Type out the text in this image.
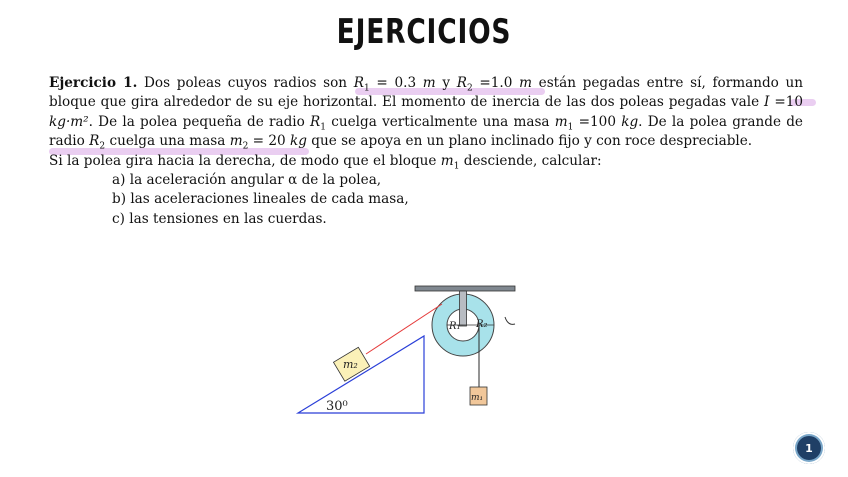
EJERCICIOS

Ejercicio 1. Dos poleas cuyos radios son $R_1 = 0.3$ m y $R_2 =1.0$ m están pegadas entre sí, formando un bloque que gira alrededor de su eje horizontal. El momento de inercia de las dos poleas pegadas vale I =10 kg·m². De la polea pequeña de radio $R_1$ cuelga verticalmente una masa $m_1 =100$ kg. De la polea grande de radio $R_2$ cuelga una masa $m_2 = 20$ kg que se apoya en un plano inclinado fijo y con roce despreciable.

Si la polea gira hacia la derecha, de modo que el bloque $m_1$ desciende, calcular:

a) la aceleración angular α de la polea,

b) las aceleraciones lineales de cada masa,

c) las tensiones en las cuerdas.

R₁ R₂
m₂
m₁
30⁰
1
